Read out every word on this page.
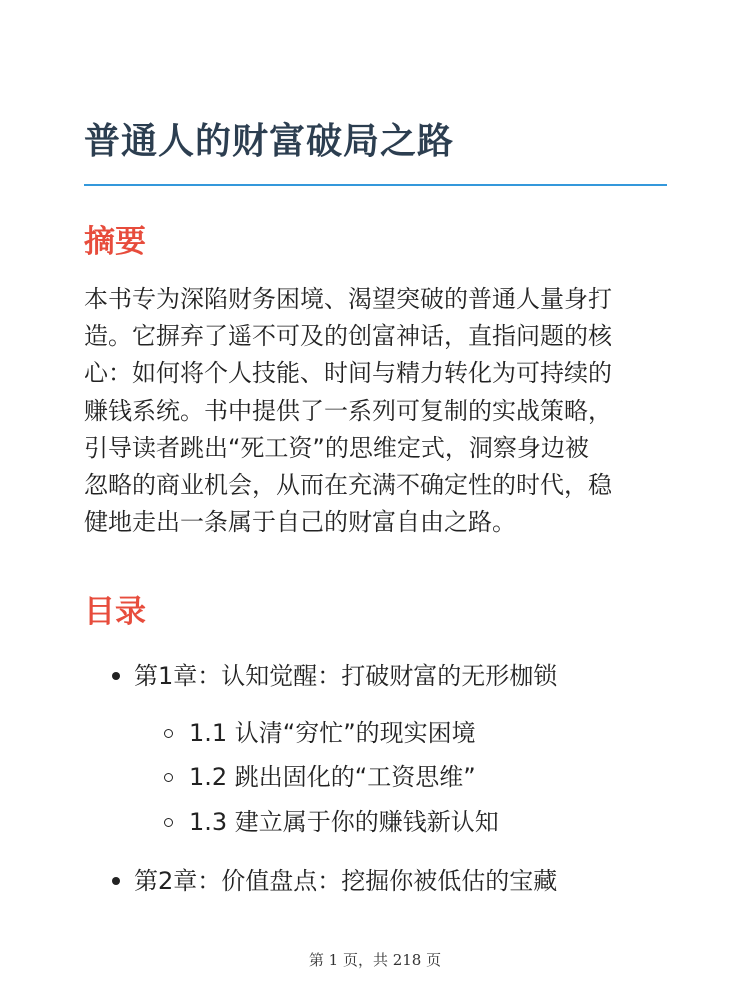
普通人的财富破局之路
摘要

本书专为深陷财务困境、渴望突破的普通人量身打
造。它摒弃了遥不可及的创富神话，直指问题的核
心：如何将个人技能、时间与精力转化为可持续的
赚钱系统。书中提供了一系列可复制的实战策略，
引导读者跳出“死工资”的思维定式，洞察身边被
忽略的商业机会，从而在充满不确定性的时代，稳
健地走出一条属于自己的财富自由之路。

目录
第1章：认知觉醒：打破财富的无形枷锁
1.1 认清“穷忙”的现实困境
1.2 跳出固化的“工资思维”
1.3 建立属于你的赚钱新认知
第2章：价值盘点：挖掘你被低估的宝藏
第 1 页，共 218 页
